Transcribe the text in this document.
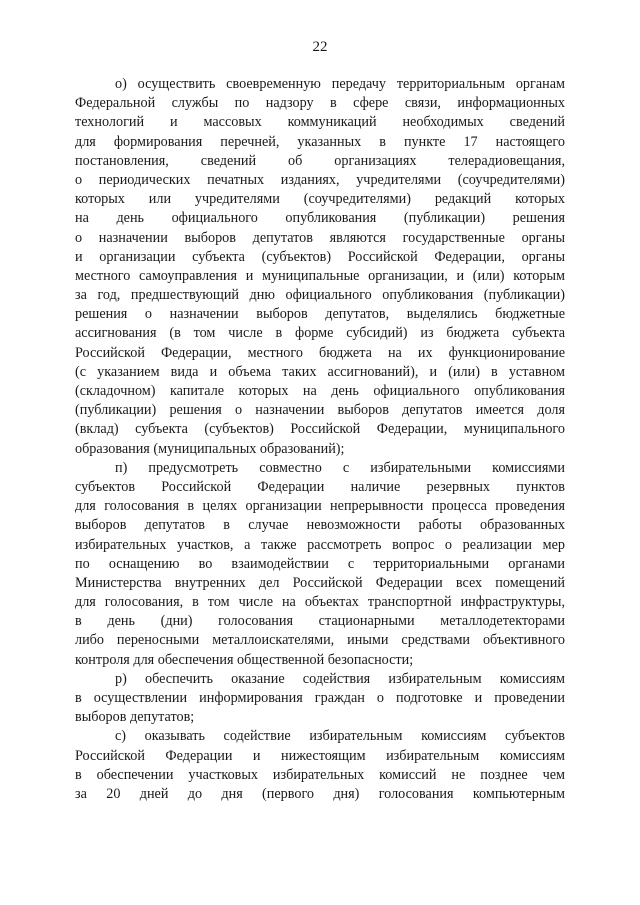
22
о) осуществить своевременную передачу территориальным органам
Федеральной службы по надзору в сфере связи, информационных
технологий и массовых коммуникаций необходимых сведений
для формирования перечней, указанных в пункте 17 настоящего
постановления, сведений об организациях телерадиовещания,
о периодических печатных изданиях, учредителями (соучредителями)
которых или учредителями (соучредителями) редакций которых
на день официального опубликования (публикации) решения
о назначении выборов депутатов являются государственные органы
и организации субъекта (субъектов) Российской Федерации, органы
местного самоуправления и муниципальные организации, и (или) которым
за год, предшествующий дню официального опубликования (публикации)
решения о назначении выборов депутатов, выделялись бюджетные
ассигнования (в том числе в форме субсидий) из бюджета субъекта
Российской Федерации, местного бюджета на их функционирование
(с указанием вида и объема таких ассигнований), и (или) в уставном
(складочном) капитале которых на день официального опубликования
(публикации) решения о назначении выборов депутатов имеется доля
(вклад) субъекта (субъектов) Российской Федерации, муниципального
образования (муниципальных образований);
п) предусмотреть совместно с избирательными комиссиями
субъектов Российской Федерации наличие резервных пунктов
для голосования в целях организации непрерывности процесса проведения
выборов депутатов в случае невозможности работы образованных
избирательных участков, а также рассмотреть вопрос о реализации мер
по оснащению во взаимодействии с территориальными органами
Министерства внутренних дел Российской Федерации всех помещений
для голосования, в том числе на объектах транспортной инфраструктуры,
в день (дни) голосования стационарными металлодетекторами
либо переносными металлоискателями, иными средствами объективного
контроля для обеспечения общественной безопасности;
р) обеспечить оказание содействия избирательным комиссиям
в осуществлении информирования граждан о подготовке и проведении
выборов депутатов;
с) оказывать содействие избирательным комиссиям субъектов
Российской Федерации и нижестоящим избирательным комиссиям
в обеспечении участковых избирательных комиссий не позднее чем
за 20 дней до дня (первого дня) голосования компьютерным
